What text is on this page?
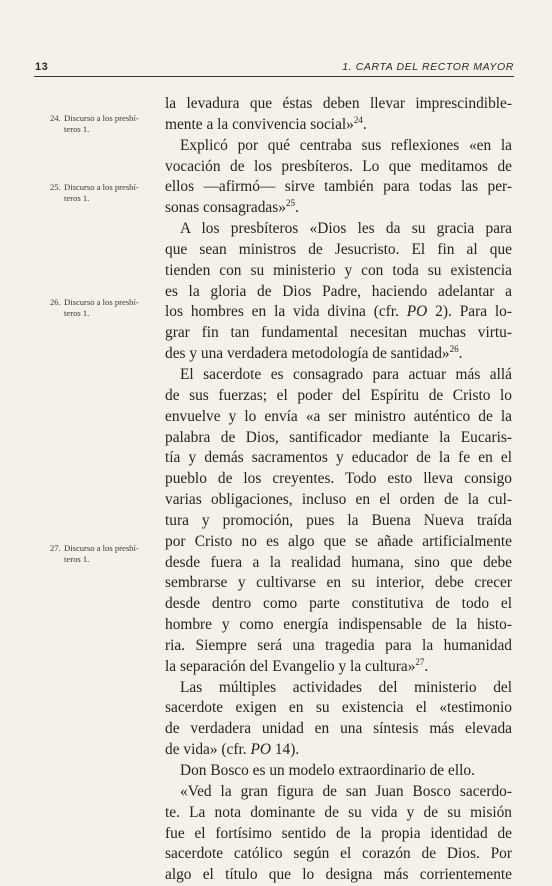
13	1. CARTA DEL RECTOR MAYOR
24. Discurso a los presbí-
teros 1.
25. Discurso a los presbí-
teros 1.
26. Discurso a los presbí-
teros 1.
27. Discurso a los presbí-
teros 1.
la levadura que éstas deben llevar imprescindible-
mente a la convivencia social»$^{24}$.
Explicó por qué centraba sus reflexiones «en la
vocación de los presbíteros. Lo que meditamos de
ellos —afirmó— sirve también para todas las per-
sonas consagradas»$^{25}$.
A los presbíteros «Dios les da su gracia para
que sean ministros de Jesucristo. El fin al que
tienden con su ministerio y con toda su existencia
es la gloria de Dios Padre, haciendo adelantar a
los hombres en la vida divina (cfr. PO 2). Para lo-
grar fin tan fundamental necesitan muchas virtu-
des y una verdadera metodología de santidad»$^{26}$.
El sacerdote es consagrado para actuar más allá
de sus fuerzas; el poder del Espíritu de Cristo lo
envuelve y lo envía «a ser ministro auténtico de la
palabra de Dios, santificador mediante la Eucaris-
tía y demás sacramentos y educador de la fe en el
pueblo de los creyentes. Todo esto lleva consigo
varias obligaciones, incluso en el orden de la cul-
tura y promoción, pues la Buena Nueva traída
por Cristo no es algo que se añade artificialmente
desde fuera a la realidad humana, sino que debe
sembrarse y cultivarse en su interior, debe crecer
desde dentro como parte constitutiva de todo el
hombre y como energía indispensable de la histo-
ria. Siempre será una tragedia para la humanidad
la separación del Evangelio y la cultura»$^{27}$.
Las múltiples actividades del ministerio del
sacerdote exigen en su existencia el «testimonio
de verdadera unidad en una síntesis más elevada
de vida» (cfr. PO 14).
Don Bosco es un modelo extraordinario de ello.
«Ved la gran figura de san Juan Bosco sacerdo-
te. La nota dominante de su vida y de su misión
fue el fortísimo sentido de la propia identidad de
sacerdote católico según el corazón de Dios. Por
algo el título que lo designa más corrientemente
